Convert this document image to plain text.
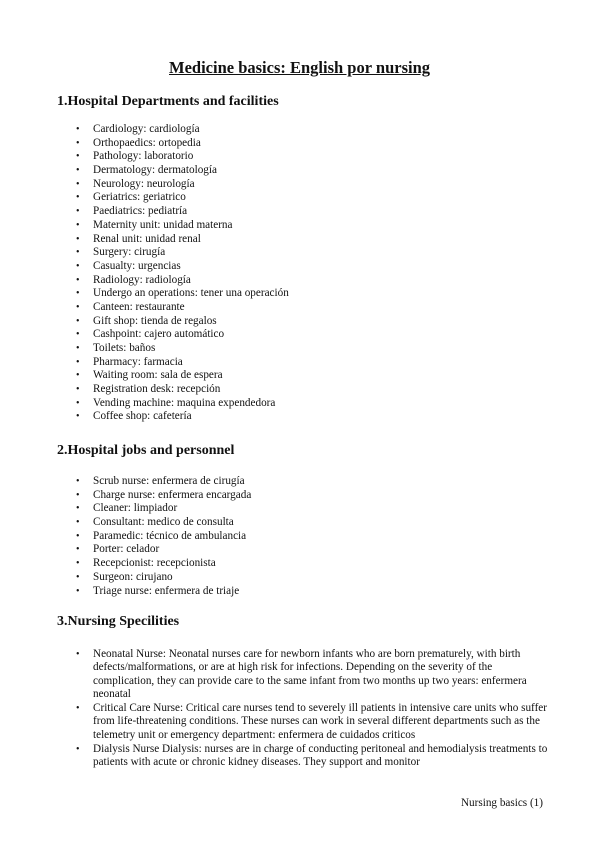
Medicine basics: English por nursing
1.Hospital Departments and facilities
• Cardiology: cardiología
• Orthopaedics: ortopedia
• Pathology: laboratorio
• Dermatology: dermatología
• Neurology: neurología
• Geriatrics: geriatrico
• Paediatrics: pediatría
• Maternity unit: unidad materna
• Renal unit: unidad renal
• Surgery: cirugía
• Casualty: urgencias
• Radiology: radiología
• Undergo an operations: tener una operación
• Canteen: restaurante
• Gift shop: tienda de regalos
• Cashpoint: cajero automático
• Toilets: baños
• Pharmacy: farmacia
• Waiting room: sala de espera
• Registration desk: recepción
• Vending machine: maquina expendedora
• Coffee shop: cafetería
2.Hospital jobs and personnel
• Scrub nurse: enfermera de cirugía
• Charge nurse: enfermera encargada
• Cleaner: limpiador
• Consultant: medico de consulta
• Paramedic: técnico de ambulancia
• Porter: celador
• Recepcionist: recepcionista
• Surgeon: cirujano
• Triage nurse: enfermera de triaje
3.Nursing Specilities
• Neonatal Nurse: Neonatal nurses care for newborn infants who are born prematurely, with birth defects/malformations, or are at high risk for infections. Depending on the severity of the complication, they can provide care to the same infant from two months up two years: enfermera neonatal
• Critical Care Nurse: Critical care nurses tend to severely ill patients in intensive care units who suffer from life-threatening conditions. These nurses can work in several different departments such as the telemetry unit or emergency department: enfermera de cuidados criticos
• Dialysis Nurse Dialysis: nurses are in charge of conducting peritoneal and hemodialysis treatments to patients with acute or chronic kidney diseases. They support and monitor

Nursing basics (1)
